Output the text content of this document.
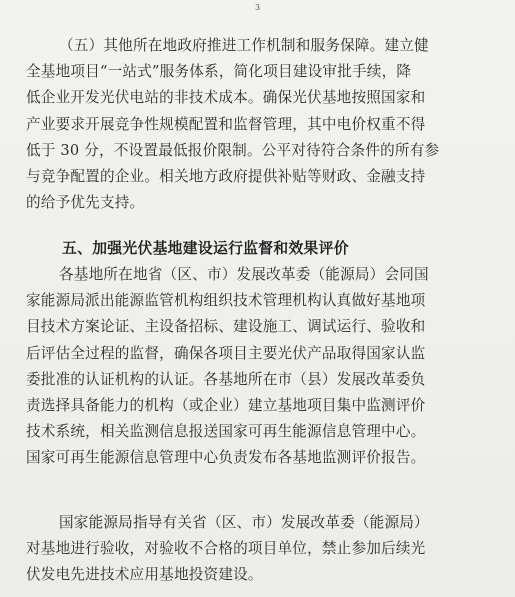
3

（五）其他所在地政府推进工作机制和服务保障。建立健
全基地项目“一站式”服务体系，简化项目建设审批手续，降
低企业开发光伏电站的非技术成本。确保光伏基地按照国家和
产业要求开展竞争性规模配置和监督管理，其中电价权重不得
低于 30 分，不设置最低报价限制。公平对待符合条件的所有参
与竞争配置的企业。相关地方政府提供补贴等财政、金融支持
的给予优先支持。

五、加强光伏基地建设运行监督和效果评价

各基地所在地省（区、市）发展改革委（能源局）会同国
家能源局派出能源监管机构组织技术管理机构认真做好基地项
目技术方案论证、主设备招标、建设施工、调试运行、验收和
后评估全过程的监督，确保各项目主要光伏产品取得国家认监
委批准的认证机构的认证。各基地所在市（县）发展改革委负
责选择具备能力的机构（或企业）建立基地项目集中监测评价
技术系统，相关监测信息报送国家可再生能源信息管理中心。
国家可再生能源信息管理中心负责发布各基地监测评价报告。

国家能源局指导有关省（区、市）发展改革委（能源局）
对基地进行验收，对验收不合格的项目单位，禁止参加后续光
伏发电先进技术应用基地投资建设。
